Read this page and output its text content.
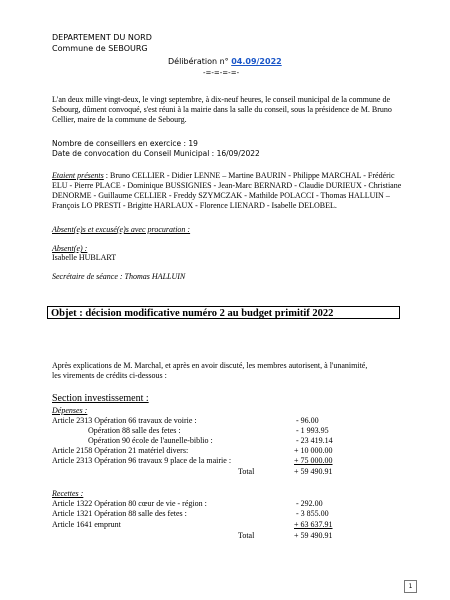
DEPARTEMENT DU NORD
Commune de SEBOURG
Délibération n° 04.09/2022
-=-=-=-=-
L'an deux mille vingt-deux, le vingt septembre, à dix-neuf heures, le conseil municipal de la commune de Sebourg, dûment convoqué, s'est réuni à la mairie dans la salle du conseil, sous la présidence de M. Bruno Cellier, maire de la commune de Sebourg.
Nombre de conseillers en exercice : 19
Date de convocation du Conseil Municipal : 16/09/2022
Etaient présents : Bruno CELLIER - Didier LENNE – Martine BAURIN - Philippe MARCHAL - Frédéric ELU - Pierre PLACE - Dominique BUSSIGNIES - Jean-Marc BERNARD - Claudie DURIEUX - Christiane DENORME - Guillaume CELLIER - Freddy SZYMCZAK - Mathilde POLACCI - Thomas HALLUIN – François LO PRESTI - Brigitte HARLAUX - Florence LIENARD - Isabelle DELOBEL.
Absent(e)s et excusé(e)s avec procuration :
Absent(e) :
Isabelle HUBLART
Secrétaire de séance : Thomas HALLUIN
Objet : décision modificative numéro 2 au budget primitif 2022
Après explications de M. Marchal, et après en avoir discuté, les membres autorisent, à l'unanimité, les virements de crédits ci-dessous :
Section investissement :
Dépenses :
Article 2313 Opération 66 travaux de voirie :	- 96.00
Opération 88 salle des fetes :	- 1 993.95
Opération 90 école de l'aunelle-biblio :	- 23 419.14
Article 2158 Opération 21 matériel divers:	+ 10 000.00
Article 2313 Opération 96 travaux 9 place de la mairie :	+ 75 000.00
Total	+ 59 490.91
Recettes :
Article 1322 Opération 80 cœur de vie - région :	- 292.00
Article 1321 Opération 88 salle des fetes :	- 3 855.00
Article 1641 emprunt	+ 63 637.91
Total	+ 59 490.91
1
